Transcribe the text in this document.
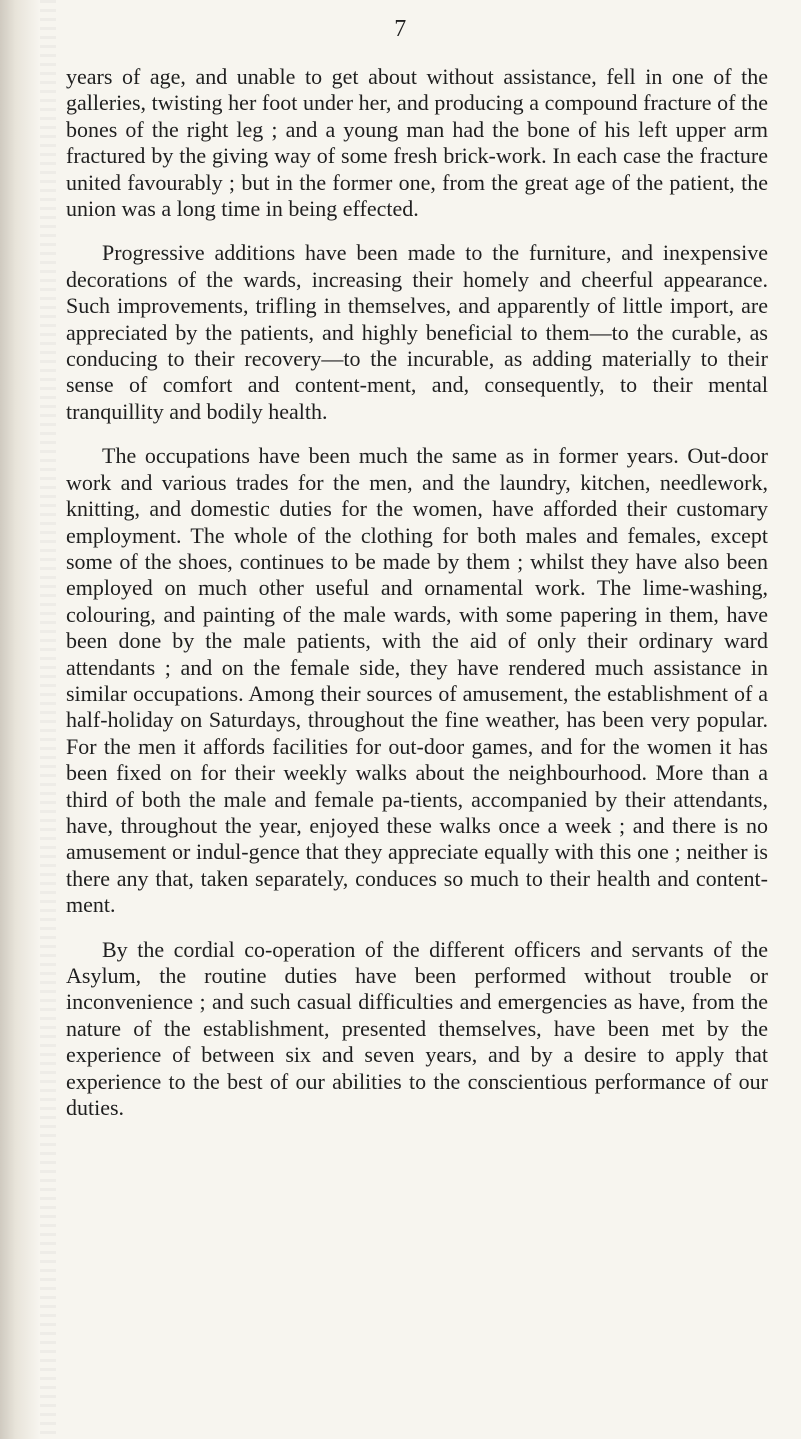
7

years of age, and unable to get about without assistance, fell in one of the galleries, twisting her foot under her, and producing a compound fracture of the bones of the right leg ; and a young man had the bone of his left upper arm fractured by the giving way of some fresh brick-work. In each case the fracture united favourably ; but in the former one, from the great age of the patient, the union was a long time in being effected.

Progressive additions have been made to the furniture, and inexpensive decorations of the wards, increasing their homely and cheerful appearance. Such improvements, trifling in themselves, and apparently of little import, are appreciated by the patients, and highly beneficial to them—to the curable, as conducing to their recovery—to the incurable, as adding materially to their sense of comfort and content-ment, and, consequently, to their mental tranquillity and bodily health.

The occupations have been much the same as in former years. Out-door work and various trades for the men, and the laundry, kitchen, needlework, knitting, and domestic duties for the women, have afforded their customary employment. The whole of the clothing for both males and females, except some of the shoes, continues to be made by them ; whilst they have also been employed on much other useful and ornamental work. The lime-washing, colouring, and painting of the male wards, with some papering in them, have been done by the male patients, with the aid of only their ordinary ward attendants ; and on the female side, they have rendered much assistance in similar occupations. Among their sources of amusement, the establishment of a half-holiday on Saturdays, throughout the fine weather, has been very popular. For the men it affords facilities for out-door games, and for the women it has been fixed on for their weekly walks about the neighbourhood. More than a third of both the male and female pa-tients, accompanied by their attendants, have, throughout the year, enjoyed these walks once a week ; and there is no amusement or indul-gence that they appreciate equally with this one ; neither is there any that, taken separately, conduces so much to their health and content-ment.

By the cordial co-operation of the different officers and servants of the Asylum, the routine duties have been performed without trouble or inconvenience ; and such casual difficulties and emergencies as have, from the nature of the establishment, presented themselves, have been met by the experience of between six and seven years, and by a desire to apply that experience to the best of our abilities to the conscientious performance of our duties.
